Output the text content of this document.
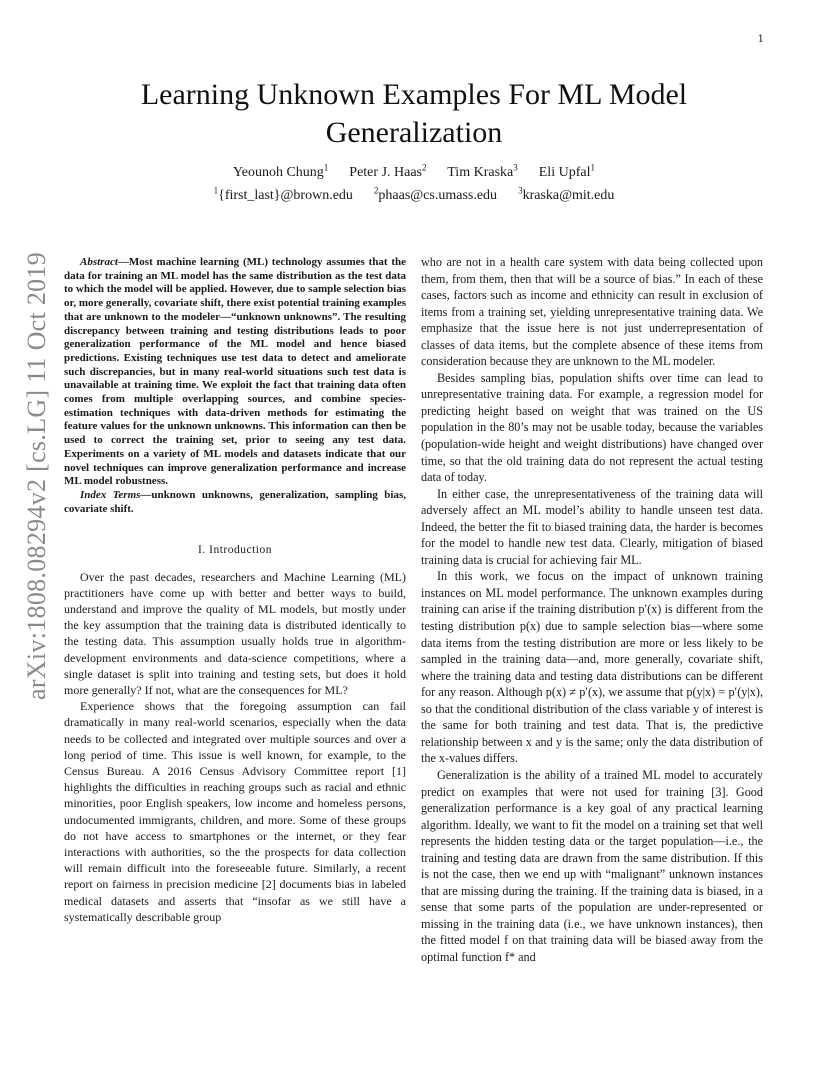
1
arXiv:1808.08294v2 [cs.LG] 11 Oct 2019
Learning Unknown Examples For ML Model
Generalization
Yeounoh Chung$^1$ Peter J. Haas$^2$ Tim Kraska$^3$ Eli Upfal$^1$
$^1${first_last}@brown.edu $^2$phaas@cs.umass.edu $^3$kraska@mit.edu

Abstract—Most machine learning (ML) technology assumes that the data for training an ML model has the same distribution as the test data to which the model will be applied. However, due to sample selection bias or, more generally, covariate shift, there exist potential training examples that are unknown to the modeler—“unknown unknowns”. The resulting discrepancy between training and testing distributions leads to poor generalization performance of the ML model and hence biased predictions. Existing techniques use test data to detect and ameliorate such discrepancies, but in many real-world situations such test data is unavailable at training time. We exploit the fact that training data often comes from multiple overlapping sources, and combine species-estimation techniques with data-driven methods for estimating the feature values for the unknown unknowns. This information can then be used to correct the training set, prior to seeing any test data. Experiments on a variety of ML models and datasets indicate that our novel techniques can improve generalization performance and increase ML model robustness.

Index Terms—unknown unknowns, generalization, sampling bias, covariate shift.

I. Introduction

Over the past decades, researchers and Machine Learning (ML) practitioners have come up with better and better ways to build, understand and improve the quality of ML models, but mostly under the key assumption that the training data is distributed identically to the testing data. This assumption usually holds true in algorithm-development environments and data-science competitions, where a single dataset is split into training and testing sets, but does it hold more generally? If not, what are the consequences for ML?

Experience shows that the foregoing assumption can fail dramatically in many real-world scenarios, especially when the data needs to be collected and integrated over multiple sources and over a long period of time. This issue is well known, for example, to the Census Bureau. A 2016 Census Advisory Committee report [1] highlights the difficulties in reaching groups such as racial and ethnic minorities, poor English speakers, low income and homeless persons, undocumented immigrants, children, and more. Some of these groups do not have access to smartphones or the internet, or they fear interactions with authorities, so the the prospects for data collection will remain difficult into the foreseeable future. Similarly, a recent report on fairness in precision medicine [2] documents bias in labeled medical datasets and asserts that “insofar as we still have a systematically describable group

who are not in a health care system with data being collected upon them, from them, then that will be a source of bias.” In each of these cases, factors such as income and ethnicity can result in exclusion of items from a training set, yielding unrepresentative training data. We emphasize that the issue here is not just underrepresentation of classes of data items, but the complete absence of these items from consideration because they are unknown to the ML modeler.

Besides sampling bias, population shifts over time can lead to unrepresentative training data. For example, a regression model for predicting height based on weight that was trained on the US population in the 80’s may not be usable today, because the variables (population-wide height and weight distributions) have changed over time, so that the old training data do not represent the actual testing data of today.

In either case, the unrepresentativeness of the training data will adversely affect an ML model’s ability to handle unseen test data. Indeed, the better the fit to biased training data, the harder is becomes for the model to handle new test data. Clearly, mitigation of biased training data is crucial for achieving fair ML.

In this work, we focus on the impact of unknown training instances on ML model performance. The unknown examples during training can arise if the training distribution p′(x) is different from the testing distribution p(x) due to sample selection bias—where some data items from the testing distribution are more or less likely to be sampled in the training data—and, more generally, covariate shift, where the training data and testing data distributions can be different for any reason. Although p(x) ≠ p′(x), we assume that p(y|x) = p′(y|x), so that the conditional distribution of the class variable y of interest is the same for both training and test data. That is, the predictive relationship between x and y is the same; only the data distribution of the x-values differs.

Generalization is the ability of a trained ML model to accurately predict on examples that were not used for training [3]. Good generalization performance is a key goal of any practical learning algorithm. Ideally, we want to fit the model on a training set that well represents the hidden testing data or the target population—i.e., the training and testing data are drawn from the same distribution. If this is not the case, then we end up with “malignant” unknown instances that are missing during the training. If the training data is biased, in a sense that some parts of the population are under-represented or missing in the training data (i.e., we have unknown instances), then the fitted model f on that training data will be biased away from the optimal function f* and
